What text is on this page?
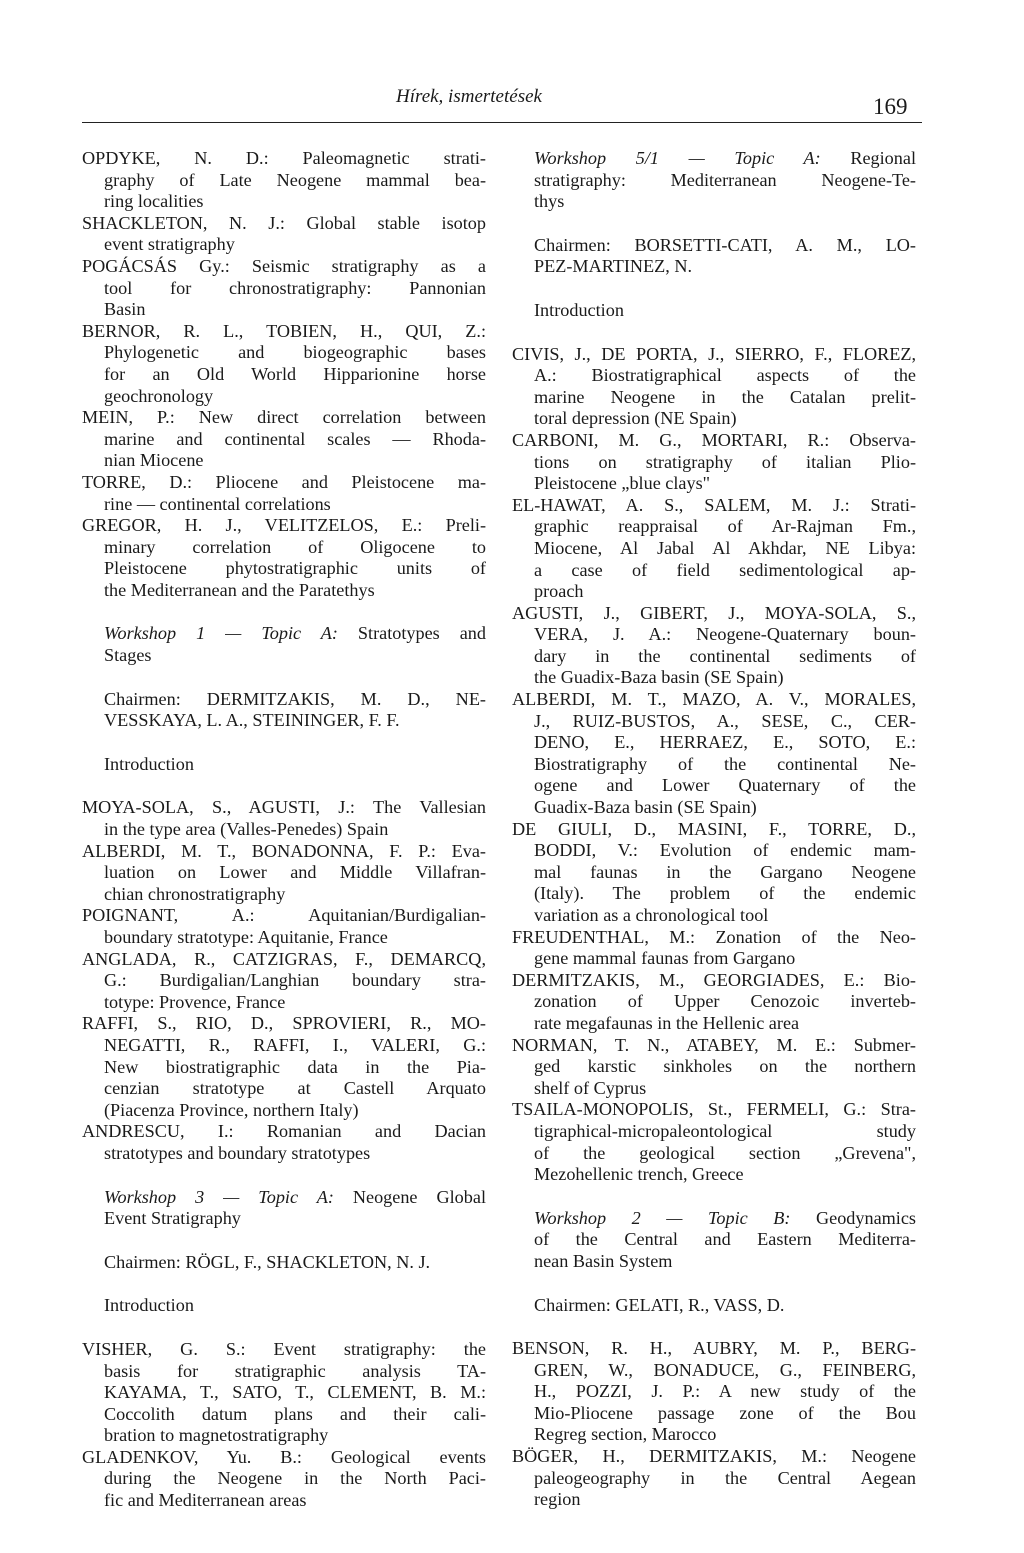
Hírek, ismertetések	169
OPDYKE, N. D.: Paleomagnetic strati-
graphy of Late Neogene mammal bea-
ring localities
SHACKLETON, N. J.: Global stable isotop
event stratigraphy
POGÁCSÁS Gy.: Seismic stratigraphy as a
tool for chronostratigraphy: Pannonian
Basin
BERNOR, R. L., TOBIEN, H., QUI, Z.:
Phylogenetic and biogeographic bases
for an Old World Hipparionine horse
geochronology
MEIN, P.: New direct correlation between
marine and continental scales — Rhoda-
nian Miocene
TORRE, D.: Pliocene and Pleistocene ma-
rine — continental correlations
GREGOR, H. J., VELITZELOS, E.: Preli-
minary correlation of Oligocene to
Pleistocene phytostratigraphic units of
the Mediterranean and the Paratethys
Workshop 1 — Topic A: Stratotypes and
Stages
Chairmen: DERMITZAKIS, M. D., NE-
VESSKAYA, L. A., STEININGER, F. F.
Introduction
MOYA-SOLA, S., AGUSTI, J.: The Vallesian
in the type area (Valles-Penedes) Spain
ALBERDI, M. T., BONADONNA, F. P.: Eva-
luation on Lower and Middle Villafran-
chian chronostratigraphy
POIGNANT, A.: Aquitanian/Burdigalian-
boundary stratotype: Aquitanie, France
ANGLADA, R., CATZIGRAS, F., DEMARCQ,
G.: Burdigalian/Langhian boundary stra-
totype: Provence, France
RAFFI, S., RIO, D., SPROVIERI, R., MO-
NEGATTI, R., RAFFI, I., VALERI, G.:
New biostratigraphic data in the Pia-
cenzian stratotype at Castell Arquato
(Piacenza Province, northern Italy)
ANDRESCU, I.: Romanian and Dacian
stratotypes and boundary stratotypes
Workshop 3 — Topic A: Neogene Global
Event Stratigraphy
Chairmen: RÖGL, F., SHACKLETON, N. J.
Introduction
VISHER, G. S.: Event stratigraphy: the
basis for stratigraphic analysis TA-
KAYAMA, T., SATO, T., CLEMENT, B. M.:
Coccolith datum plans and their cali-
bration to magnetostratigraphy
GLADENKOV, Yu. B.: Geological events
during the Neogene in the North Paci-
fic and Mediterranean areas
Workshop 5/1 — Topic A: Regional
stratigraphy: Mediterranean Neogene-Te-
thys
Chairmen: BORSETTI-CATI, A. M., LO-
PEZ-MARTINEZ, N.
Introduction
CIVIS, J., DE PORTA, J., SIERRO, F., FLOREZ,
A.: Biostratigraphical aspects of the
marine Neogene in the Catalan prelit-
toral depression (NE Spain)
CARBONI, M. G., MORTARI, R.: Observa-
tions on stratigraphy of italian Plio-
Pleistocene „blue clays"
EL-HAWAT, A. S., SALEM, M. J.: Strati-
graphic reappraisal of Ar-Rajman Fm.,
Miocene, Al Jabal Al Akhdar, NE Libya:
a case of field sedimentological ap-
proach
AGUSTI, J., GIBERT, J., MOYA-SOLA, S.,
VERA, J. A.: Neogene-Quaternary boun-
dary in the continental sediments of
the Guadix-Baza basin (SE Spain)
ALBERDI, M. T., MAZO, A. V., MORALES,
J., RUIZ-BUSTOS, A., SESE, C., CER-
DENO, E., HERRAEZ, E., SOTO, E.:
Biostratigraphy of the continental Ne-
ogene and Lower Quaternary of the
Guadix-Baza basin (SE Spain)
DE GIULI, D., MASINI, F., TORRE, D.,
BODDI, V.: Evolution of endemic mam-
mal faunas in the Gargano Neogene
(Italy). The problem of the endemic
variation as a chronological tool
FREUDENTHAL, M.: Zonation of the Neo-
gene mammal faunas from Gargano
DERMITZAKIS, M., GEORGIADES, E.: Bio-
zonation of Upper Cenozoic inverteb-
rate megafaunas in the Hellenic area
NORMAN, T. N., ATABEY, M. E.: Submer-
ged karstic sinkholes on the northern
shelf of Cyprus
TSAILA-MONOPOLIS, St., FERMELI, G.: Stra-
tigraphical-micropaleontological study
of the geological section „Grevena",
Mezohellenic trench, Greece
Workshop 2 — Topic B: Geodynamics
of the Central and Eastern Mediterra-
nean Basin System
Chairmen: GELATI, R., VASS, D.
BENSON, R. H., AUBRY, M. P., BERG-
GREN, W., BONADUCE, G., FEINBERG,
H., POZZI, J. P.: A new study of the
Mio-Pliocene passage zone of the Bou
Regreg section, Marocco
BÖGER, H., DERMITZAKIS, M.: Neogene
paleogeography in the Central Aegean
region
